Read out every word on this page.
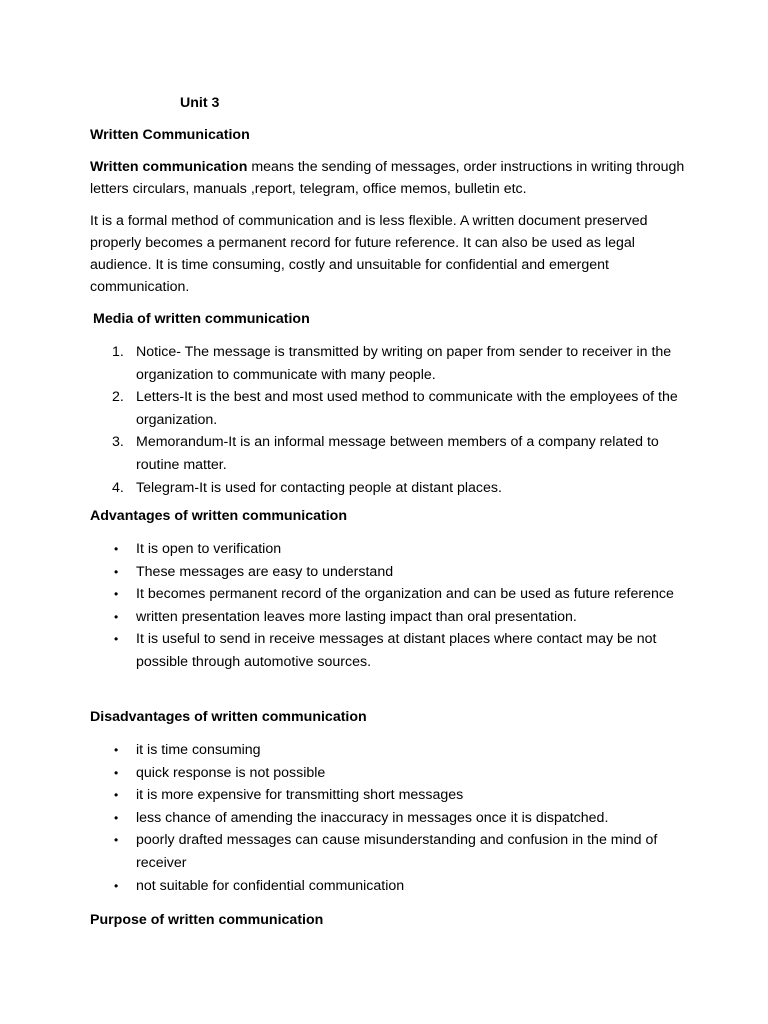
Unit 3
Written Communication

Written communication means the sending of messages, order instructions in writing through letters circulars, manuals ,report, telegram, office memos, bulletin etc.

It is a formal method of communication and is less flexible. A written document preserved properly becomes a permanent record for future reference. It can also be used as legal audience. It is time consuming, costly and unsuitable for confidential and emergent communication.

Media of written communication
1. Notice- The message is transmitted by writing on paper from sender to receiver in the organization to communicate with many people.
2. Letters-It is the best and most used method to communicate with the employees of the organization.
3. Memorandum-It is an informal message between members of a company related to routine matter.
4. Telegram-It is used for contacting people at distant places.
Advantages of written communication
• It is open to verification
• These messages are easy to understand
• It becomes permanent record of the organization and can be used as future reference
• written presentation leaves more lasting impact than oral presentation.
• It is useful to send in receive messages at distant places where contact may be not possible through automotive sources.
Disadvantages of written communication
• it is time consuming
• quick response is not possible
• it is more expensive for transmitting short messages
• less chance of amending the inaccuracy in messages once it is dispatched.
• poorly drafted messages can cause misunderstanding and confusion in the mind of receiver
• not suitable for confidential communication
Purpose of written communication
